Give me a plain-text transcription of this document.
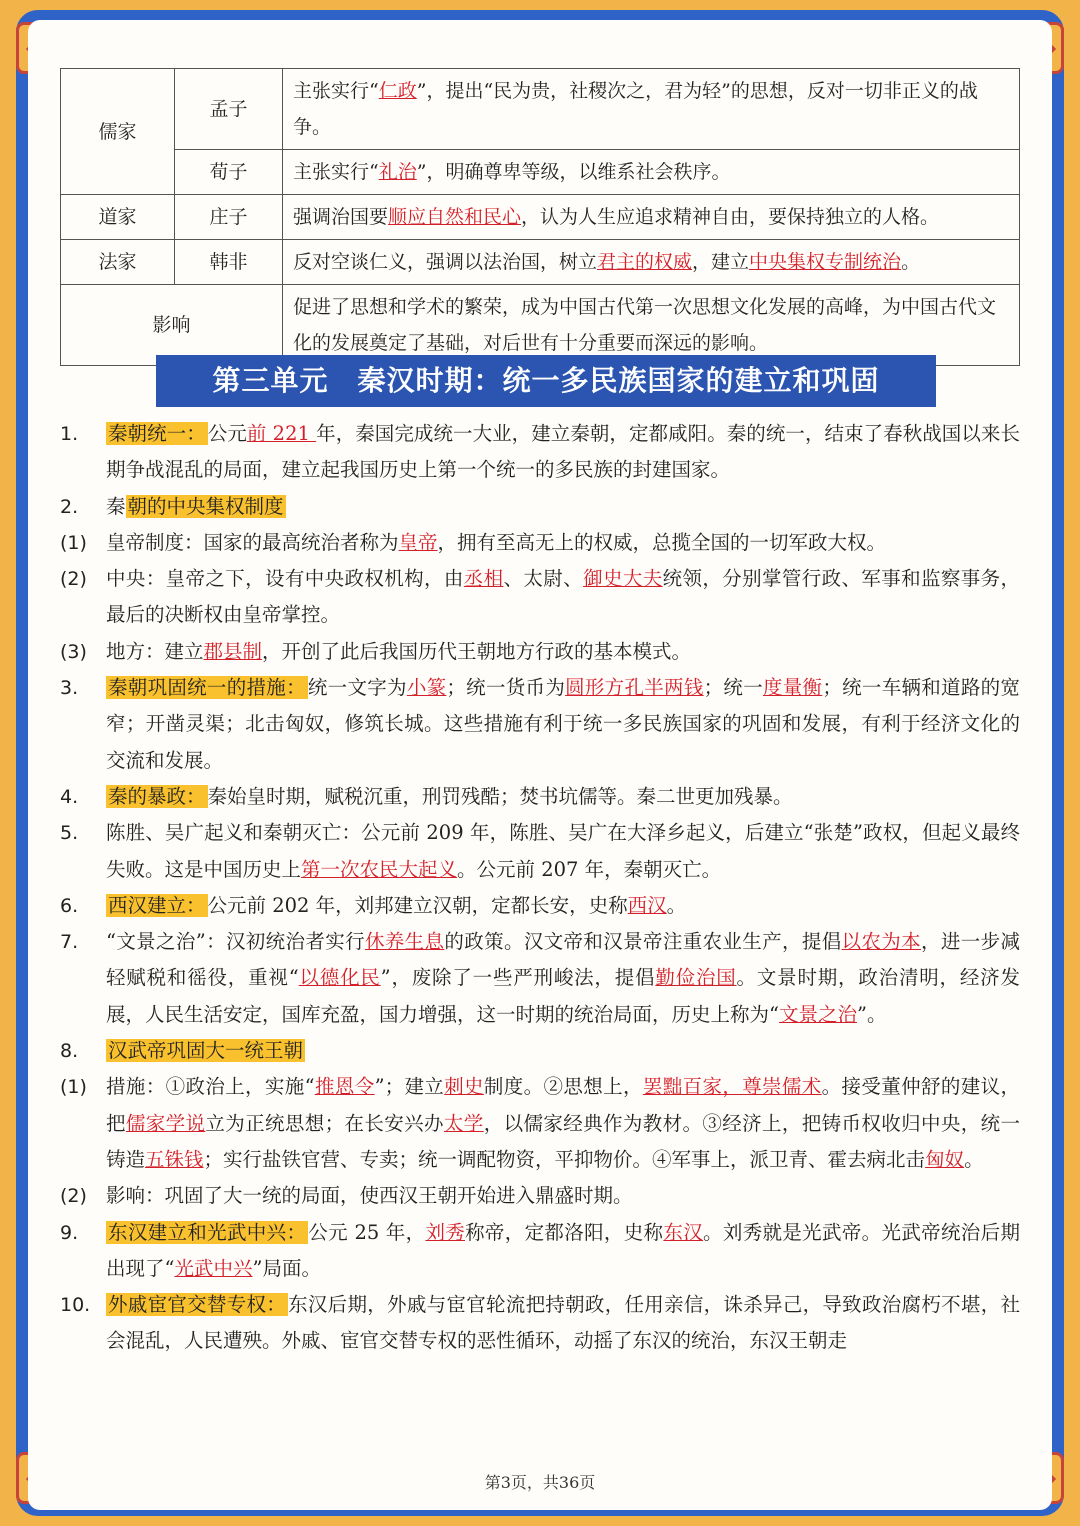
儒家	孟子	主张实行“仁政”，提出“民为贵，社稷次之，君为轻”的思想，反对一切非正义的战争。
	荀子	主张实行“礼治”，明确尊卑等级，以维系社会秩序。
道家	庄子	强调治国要顺应自然和民心，认为人生应追求精神自由，要保持独立的人格。
法家	韩非	反对空谈仁义，强调以法治国，树立君主的权威，建立中央集权专制统治。
影响		促进了思想和学术的繁荣，成为中国古代第一次思想文化发展的高峰，为中国古代文化的发展奠定了基础，对后世有十分重要而深远的影响。
第三单元　秦汉时期：统一多民族国家的建立和巩固
1.	秦朝统一： 公元前 221 年，秦国完成统一大业，建立秦朝，定都咸阳。秦的统一，结束了春秋战国以来长期争战混乱的局面，建立起我国历史上第一个统一的多民族的封建国家。
2.	秦 朝的中央集权制度
(1) 皇帝制度：国家的最高统治者称为皇帝，拥有至高无上的权威，总揽全国的一切军政大权。
(2) 中央：皇帝之下，设有中央政权机构，由丞相、太尉、御史大夫统领，分别掌管行政、军事和监察事务，最后的决断权由皇帝掌控。
(3) 地方：建立郡县制，开创了此后我国历代王朝地方行政的基本模式。
3.	秦朝巩固统一的措施： 统一文字为小篆；统一货币为圆形方孔半两钱；统一度量衡；统一车辆和道路的宽窄；开凿灵渠；北击匈奴，修筑长城。这些措施有利于统一多民族国家的巩固和发展，有利于经济文化的交流和发展。
4.	秦的暴政： 秦始皇时期，赋税沉重，刑罚残酷；焚书坑儒等。秦二世更加残暴。
5.	陈胜、吴广起义和秦朝灭亡：公元前 209 年，陈胜、吴广在大泽乡起义，后建立“张楚”政权，但起义最终失败。这是中国历史上第一次农民大起义。公元前 207 年，秦朝灭亡。
6.	西汉建立： 公元前 202 年，刘邦建立汉朝，定都长安，史称西汉。
7.	“文景之治”：汉初统治者实行休养生息的政策。汉文帝和汉景帝注重农业生产，提倡以农为本，进一步减轻赋税和徭役，重视“以德化民”，废除了一些严刑峻法，提倡勤俭治国。文景时期，政治清明，经济发展，人民生活安定，国库充盈，国力增强，这一时期的统治局面，历史上称为“文景之治”。
8.	汉武帝巩固大一统王朝
(1) 措施：①政治上，实施“推恩令”；建立刺史制度。②思想上，罢黜百家，尊崇儒术。接受董仲舒的建议，把儒家学说立为正统思想；在长安兴办太学，以儒家经典作为教材。③经济上，把铸币权收归中央，统一铸造五铢钱；实行盐铁官营、专卖；统一调配物资，平抑物价。④军事上，派卫青、霍去病北击匈奴。
(2) 影响：巩固了大一统的局面，使西汉王朝开始进入鼎盛时期。
9.	东汉建立和光武中兴： 公元 25 年，刘秀称帝，定都洛阳，史称东汉。刘秀就是光武帝。光武帝统治后期出现了“光武中兴”局面。
10. 外戚宦官交替专权： 东汉后期，外戚与宦官轮流把持朝政，任用亲信，诛杀异己，导致政治腐朽不堪，社会混乱，人民遭殃。外戚、宦官交替专权的恶性循环，动摇了东汉的统治，东汉王朝走
第3页，共36页
